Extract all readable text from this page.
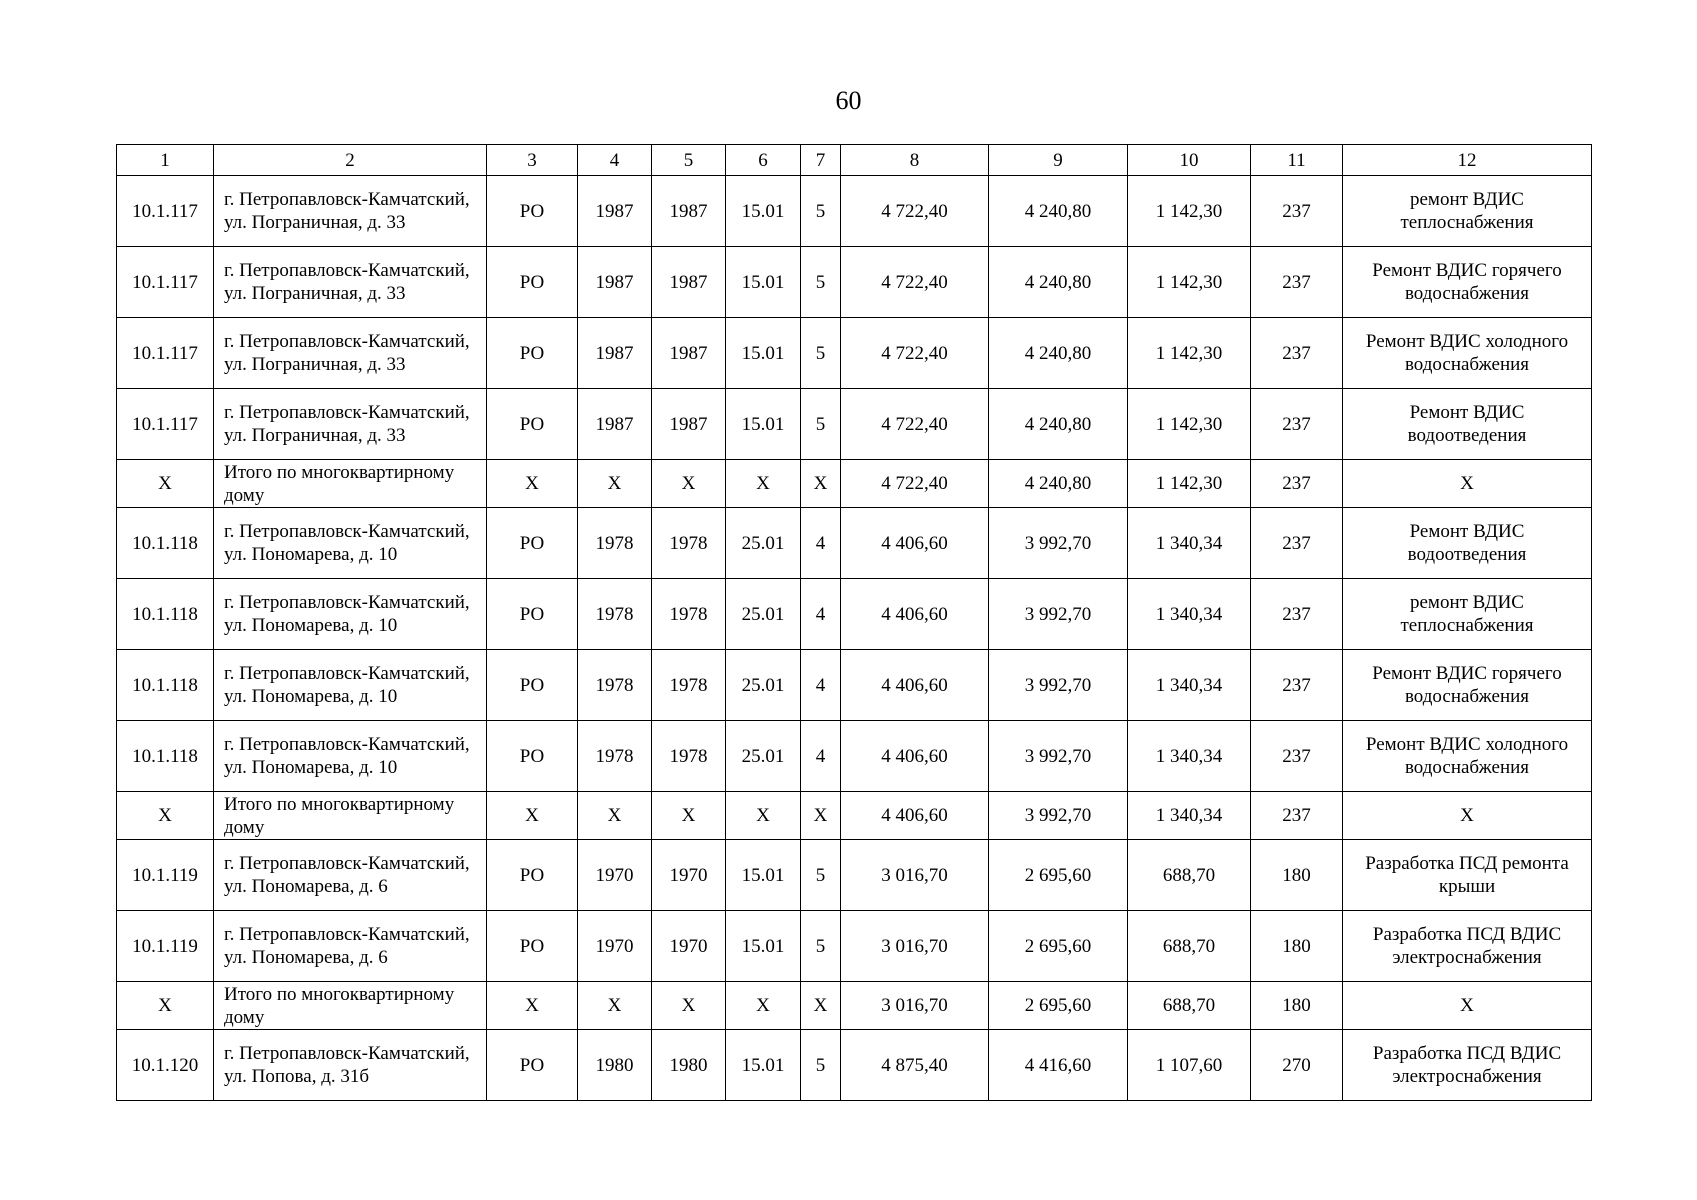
60
1	2	3	4	5	6	7	8	9	10	11	12
10.1.117	г. Петропавловск-Камчатский, ул. Пограничная, д. 33	РО	1987	1987	15.01	5	4 722,40	4 240,80	1 142,30	237	ремонт ВДИС теплоснабжения
10.1.117	г. Петропавловск-Камчатский, ул. Пограничная, д. 33	РО	1987	1987	15.01	5	4 722,40	4 240,80	1 142,30	237	Ремонт ВДИС горячего водоснабжения
10.1.117	г. Петропавловск-Камчатский, ул. Пограничная, д. 33	РО	1987	1987	15.01	5	4 722,40	4 240,80	1 142,30	237	Ремонт ВДИС холодного водоснабжения
10.1.117	г. Петропавловск-Камчатский, ул. Пограничная, д. 33	РО	1987	1987	15.01	5	4 722,40	4 240,80	1 142,30	237	Ремонт ВДИС водоотведения
Х	Итого по многоквартирному дому	Х	Х	Х	Х	Х	4 722,40	4 240,80	1 142,30	237	Х
10.1.118	г. Петропавловск-Камчатский, ул. Пономарева, д. 10	РО	1978	1978	25.01	4	4 406,60	3 992,70	1 340,34	237	Ремонт ВДИС водоотведения
10.1.118	г. Петропавловск-Камчатский, ул. Пономарева, д. 10	РО	1978	1978	25.01	4	4 406,60	3 992,70	1 340,34	237	ремонт ВДИС теплоснабжения
10.1.118	г. Петропавловск-Камчатский, ул. Пономарева, д. 10	РО	1978	1978	25.01	4	4 406,60	3 992,70	1 340,34	237	Ремонт ВДИС горячего водоснабжения
10.1.118	г. Петропавловск-Камчатский, ул. Пономарева, д. 10	РО	1978	1978	25.01	4	4 406,60	3 992,70	1 340,34	237	Ремонт ВДИС холодного водоснабжения
Х	Итого по многоквартирному дому	Х	Х	Х	Х	Х	4 406,60	3 992,70	1 340,34	237	Х
10.1.119	г. Петропавловск-Камчатский, ул. Пономарева, д. 6	РО	1970	1970	15.01	5	3 016,70	2 695,60	688,70	180	Разработка ПСД ремонта крыши
10.1.119	г. Петропавловск-Камчатский, ул. Пономарева, д. 6	РО	1970	1970	15.01	5	3 016,70	2 695,60	688,70	180	Разработка ПСД ВДИС электроснабжения
Х	Итого по многоквартирному дому	Х	Х	Х	Х	Х	3 016,70	2 695,60	688,70	180	Х
10.1.120	г. Петропавловск-Камчатский, ул. Попова, д. 31б	РО	1980	1980	15.01	5	4 875,40	4 416,60	1 107,60	270	Разработка ПСД ВДИС электроснабжения
